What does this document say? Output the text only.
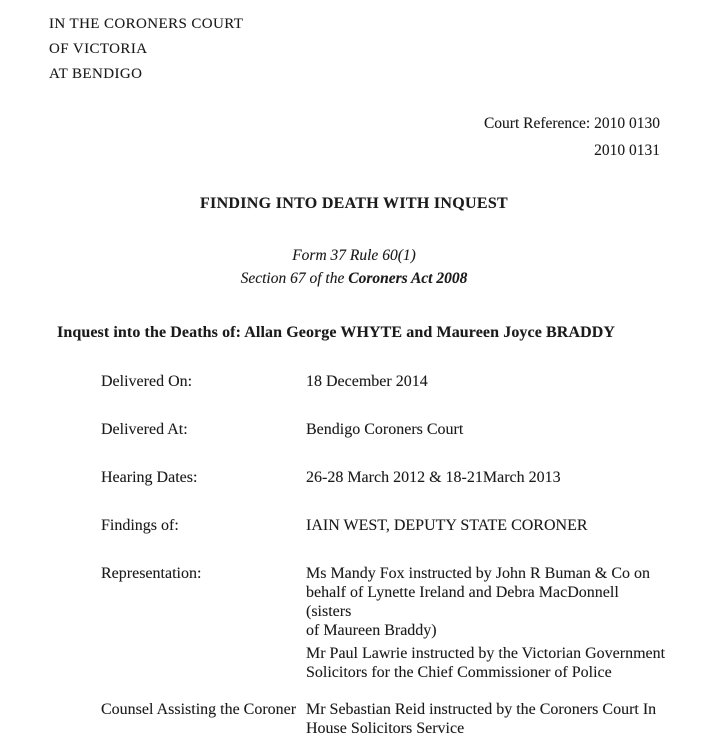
IN THE CORONERS COURT
OF VICTORIA
AT BENDIGO
Court Reference: 2010 0130
2010 0131
FINDING INTO DEATH WITH INQUEST
Form 37 Rule 60(1)
Section 67 of the Coroners Act 2008
Inquest into the Deaths of: Allan George WHYTE and Maureen Joyce BRADDY
Delivered On:	18 December 2014
Delivered At:	Bendigo Coroners Court
Hearing Dates:	26-28 March 2012 & 18-21March 2013
Findings of:	IAIN WEST, DEPUTY STATE CORONER
Representation:	Ms Mandy Fox instructed by John R Buman & Co on
behalf of Lynette Ireland and Debra MacDonnell (sisters
of Maureen Braddy)
Mr Paul Lawrie instructed by the Victorian Government
Solicitors for the Chief Commissioner of Police
Counsel Assisting the Coroner Mr Sebastian Reid instructed by the Coroners Court In
House Solicitors Service
